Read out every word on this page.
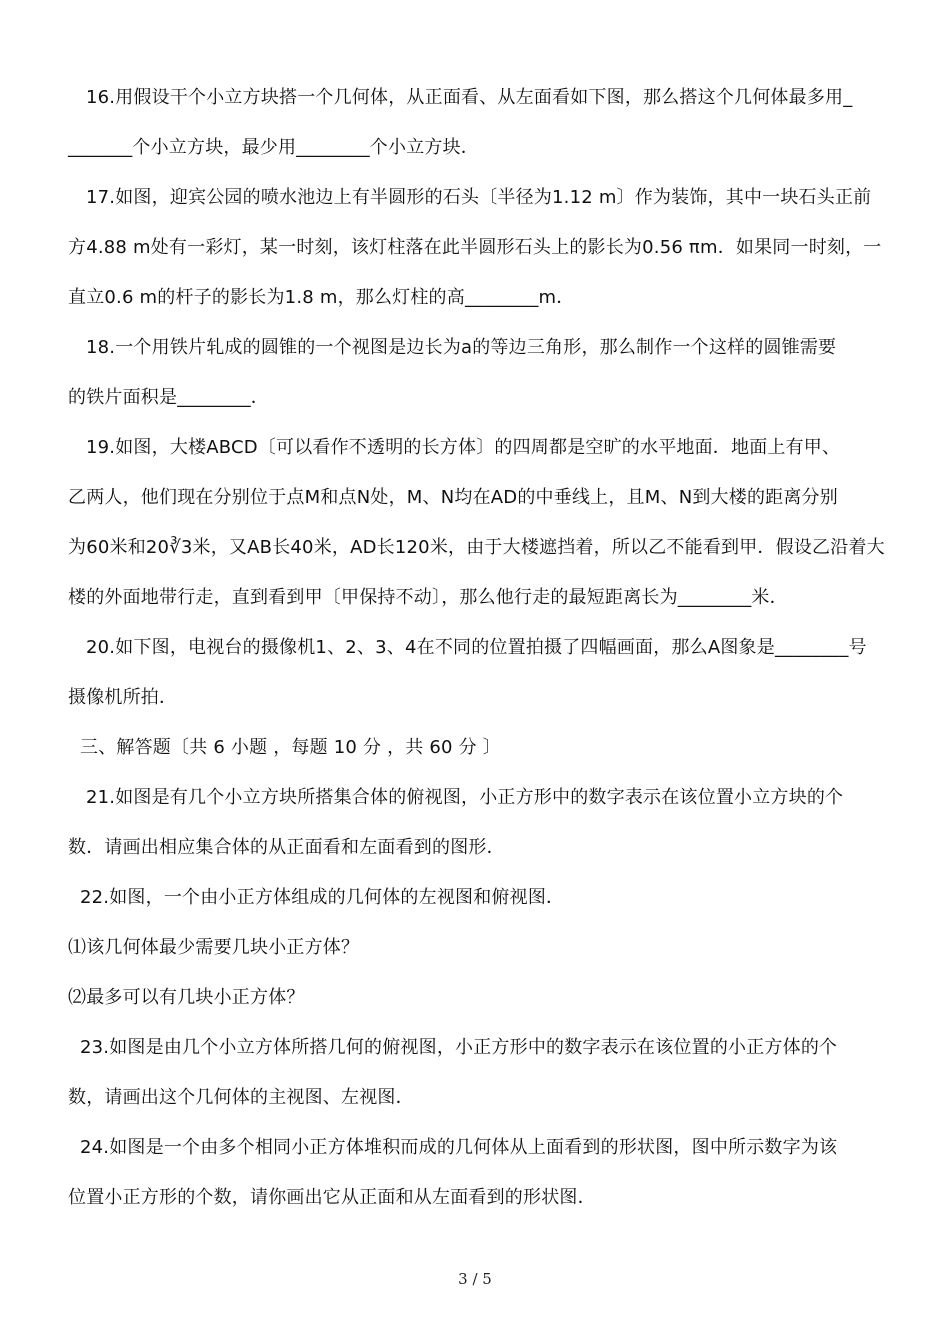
16.用假设干个小立方块搭一个几何体，从正面看、从左面看如下图，那么搭这个几何体最多用_
_______个小立方块，最少用________个小立方块．
17.如图，迎宾公园的喷水池边上有半圆形的石头〔半径为1.12 m〕作为装饰，其中一块石头正前
方4.88 m处有一彩灯，某一时刻，该灯柱落在此半圆形石头上的影长为0.56 πm．如果同一时刻，一
直立0.6 m的杆子的影长为1.8 m，那么灯柱的高________m．
18.一个用铁片轧成的圆锥的一个视图是边长为a的等边三角形，那么制作一个这样的圆锥需要
的铁片面积是________．
19.如图，大楼ABCD〔可以看作不透明的长方体〕的四周都是空旷的水平地面．地面上有甲、
乙两人，他们现在分别位于点M和点N处，M、N均在AD的中垂线上，且M、N到大楼的距离分别
为60米和20∛3米，又AB长40米，AD长120米，由于大楼遮挡着，所以乙不能看到甲．假设乙沿着大
楼的外面地带行走，直到看到甲〔甲保持不动〕，那么他行走的最短距离长为________米．
20.如下图，电视台的摄像机1、2、3、4在不同的位置拍摄了四幅画面，那么A图象是________号
摄像机所拍．
三、解答题〔共 6 小题 ，每题 10 分 ，共 60 分 〕
21.如图是有几个小立方块所搭集合体的俯视图，小正方形中的数字表示在该位置小立方块的个
数．请画出相应集合体的从正面看和左面看到的图形．
22.如图，一个由小正方体组成的几何体的左视图和俯视图．
⑴该几何体最少需要几块小正方体？
⑵最多可以有几块小正方体？
23.如图是由几个小立方体所搭几何的俯视图，小正方形中的数字表示在该位置的小正方体的个
数，请画出这个几何体的主视图、左视图．
24.如图是一个由多个相同小正方体堆积而成的几何体从上面看到的形状图，图中所示数字为该
位置小正方形的个数，请你画出它从正面和从左面看到的形状图．
3 / 5
